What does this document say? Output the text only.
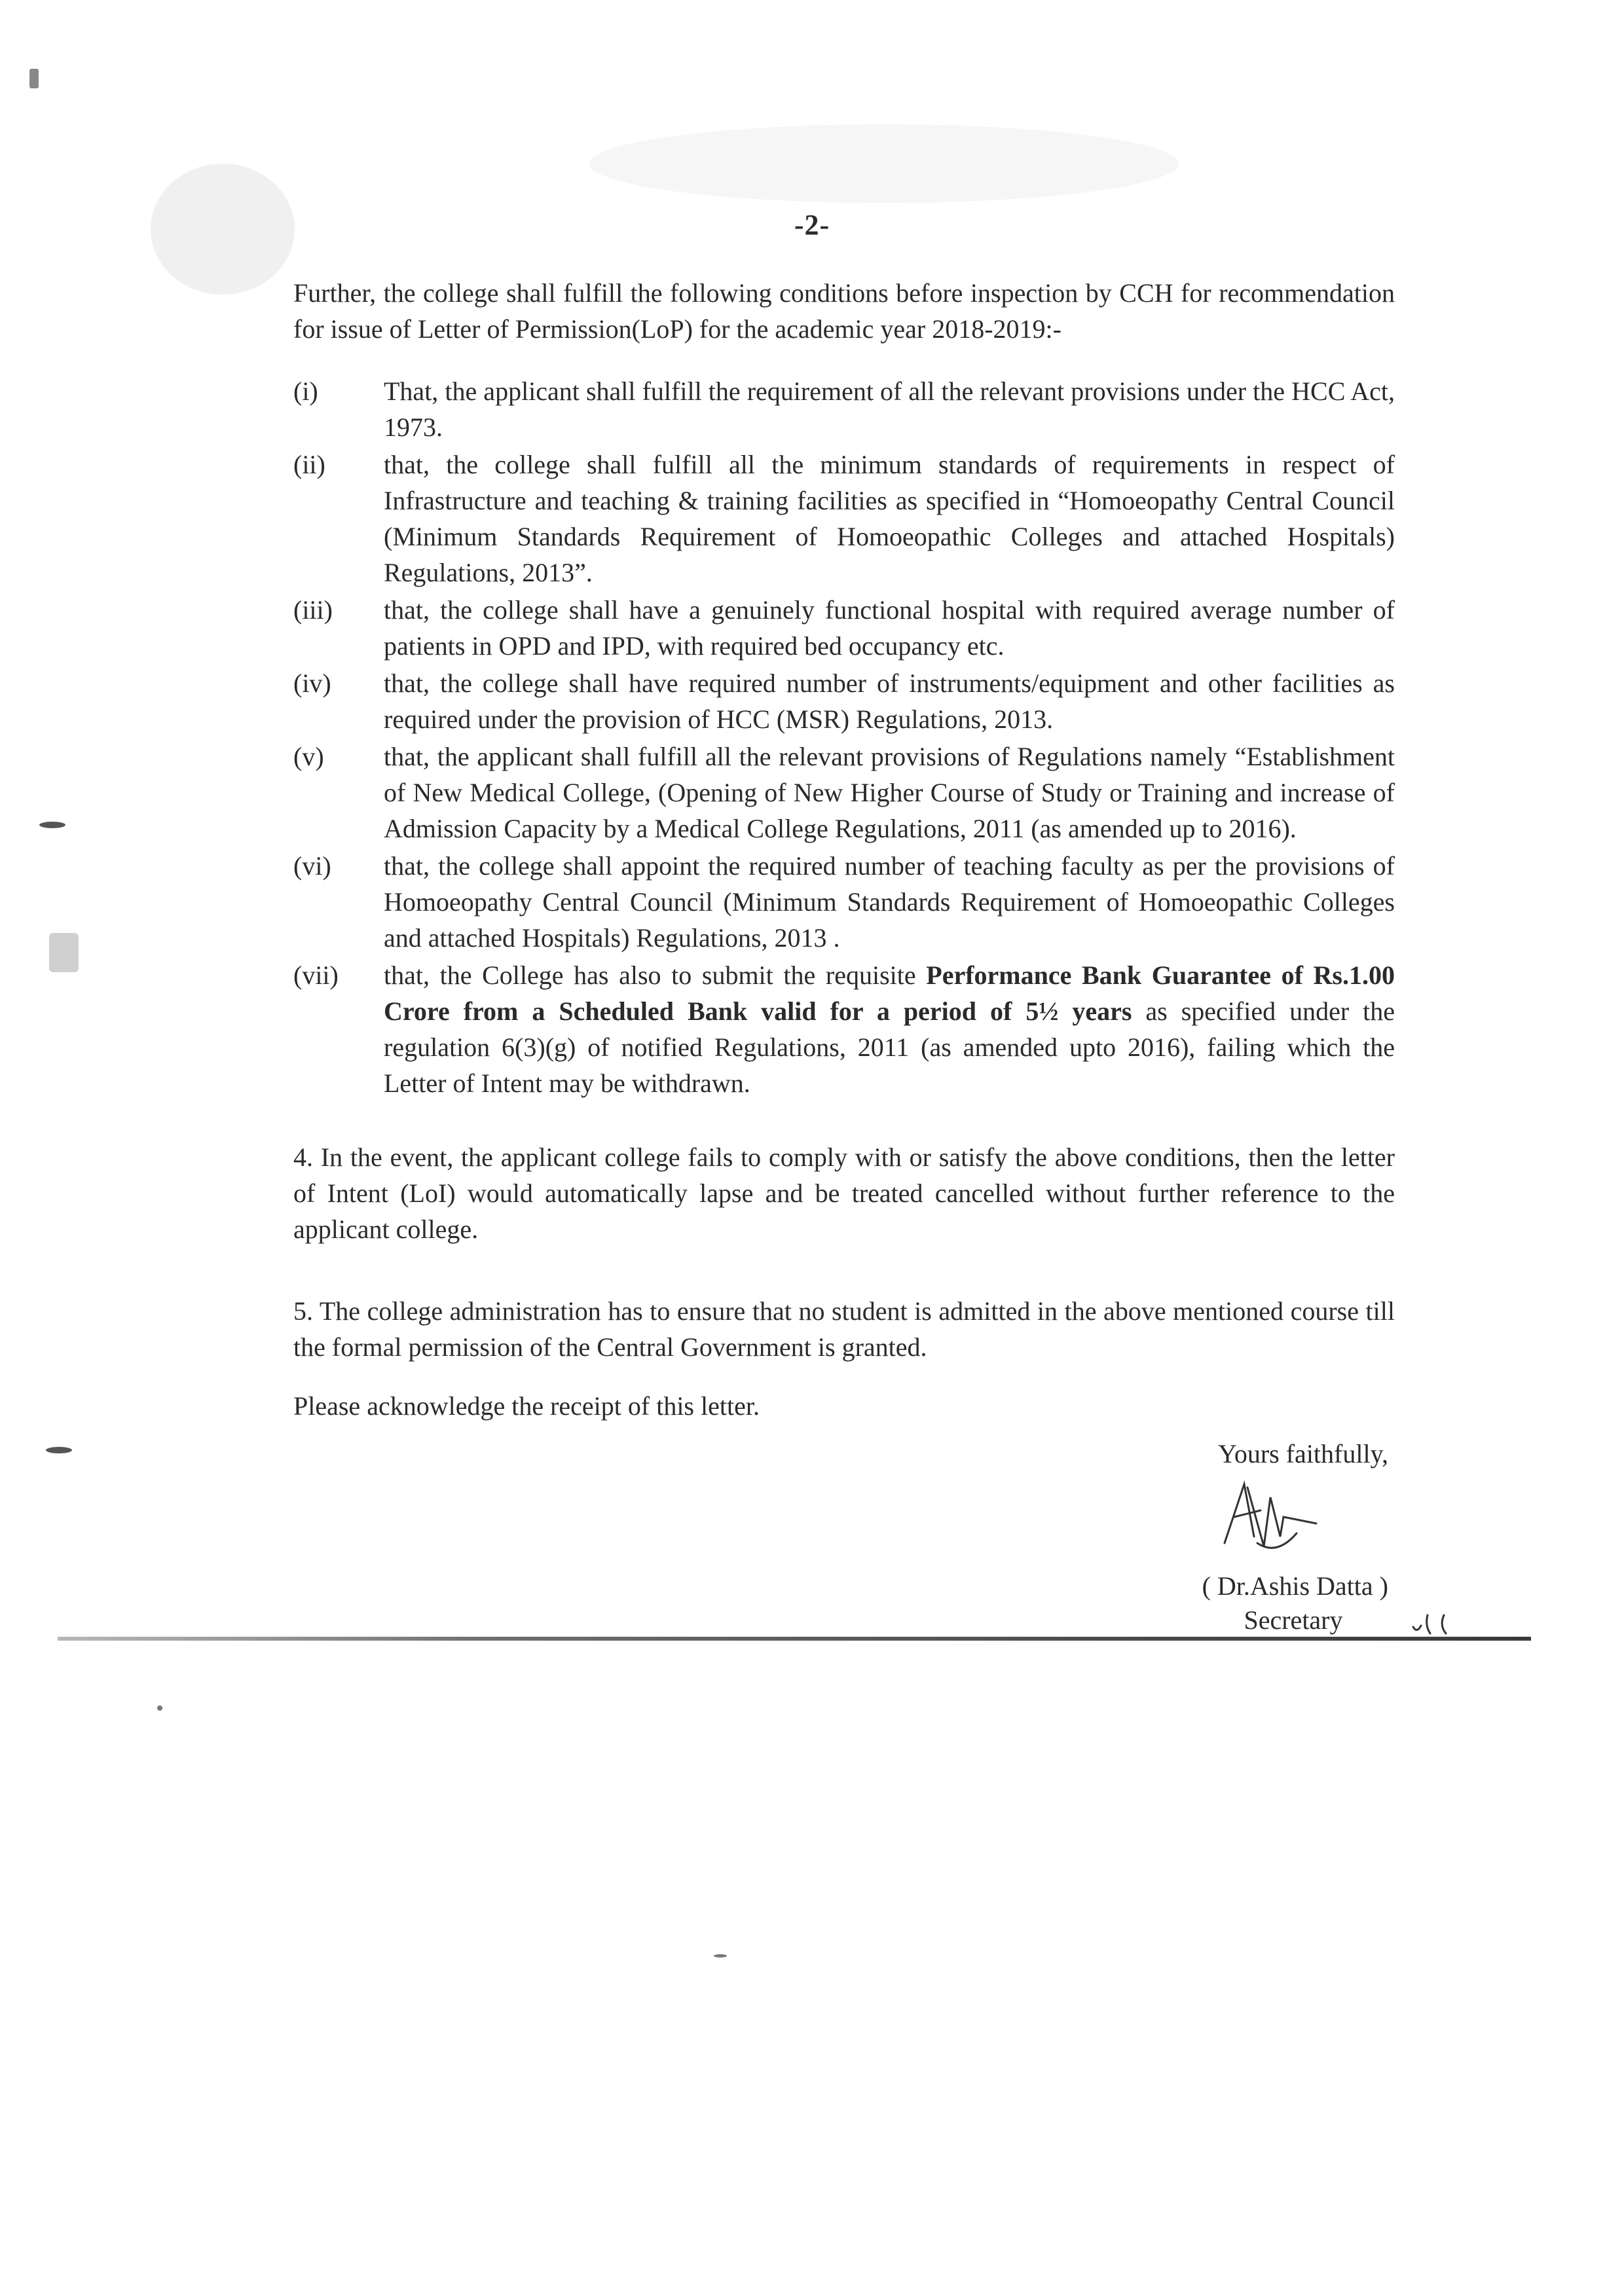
-2-
Further, the college shall fulfill the following conditions before inspection by CCH for recommendation for issue of Letter of Permission(LoP) for the academic year 2018-2019:-
(i)	That, the applicant shall fulfill the requirement of all the relevant provisions under the HCC Act, 1973.
(ii)	that, the college shall fulfill all the minimum standards of requirements in respect of Infrastructure and teaching & training facilities as specified in “Homoeopathy Central Council (Minimum Standards Requirement of Homoeopathic Colleges and attached Hospitals) Regulations, 2013”.
(iii)	that, the college shall have a genuinely functional hospital with required average number of patients in OPD and IPD, with required bed occupancy etc.
(iv)	that, the college shall have required number of instruments/equipment and other facilities as required under the provision of HCC (MSR) Regulations, 2013.
(v)	that, the applicant shall fulfill all the relevant provisions of Regulations namely “Establishment of New Medical College, (Opening of New Higher Course of Study or Training and increase of Admission Capacity by a Medical College Regulations, 2011 (as amended up to 2016).
(vi)	that, the college shall appoint the required number of teaching faculty as per the provisions of Homoeopathy Central Council (Minimum Standards Requirement of Homoeopathic Colleges and attached Hospitals) Regulations, 2013 .
(vii)	that, the College has also to submit the requisite Performance Bank Guarantee of Rs.1.00 Crore from a Scheduled Bank valid for a period of 5½ years as specified under the regulation 6(3)(g) of notified Regulations, 2011 (as amended upto 2016), failing which the Letter of Intent may be withdrawn.
4. In the event, the applicant college fails to comply with or satisfy the above conditions, then the letter of Intent (LoI) would automatically lapse and be treated cancelled without further reference to the applicant college.
5. The college administration has to ensure that no student is admitted in the above mentioned course till the formal permission of the Central Government is granted.
Please acknowledge the receipt of this letter.
Yours faithfully,
( Dr.Ashis Datta )
Secretary
